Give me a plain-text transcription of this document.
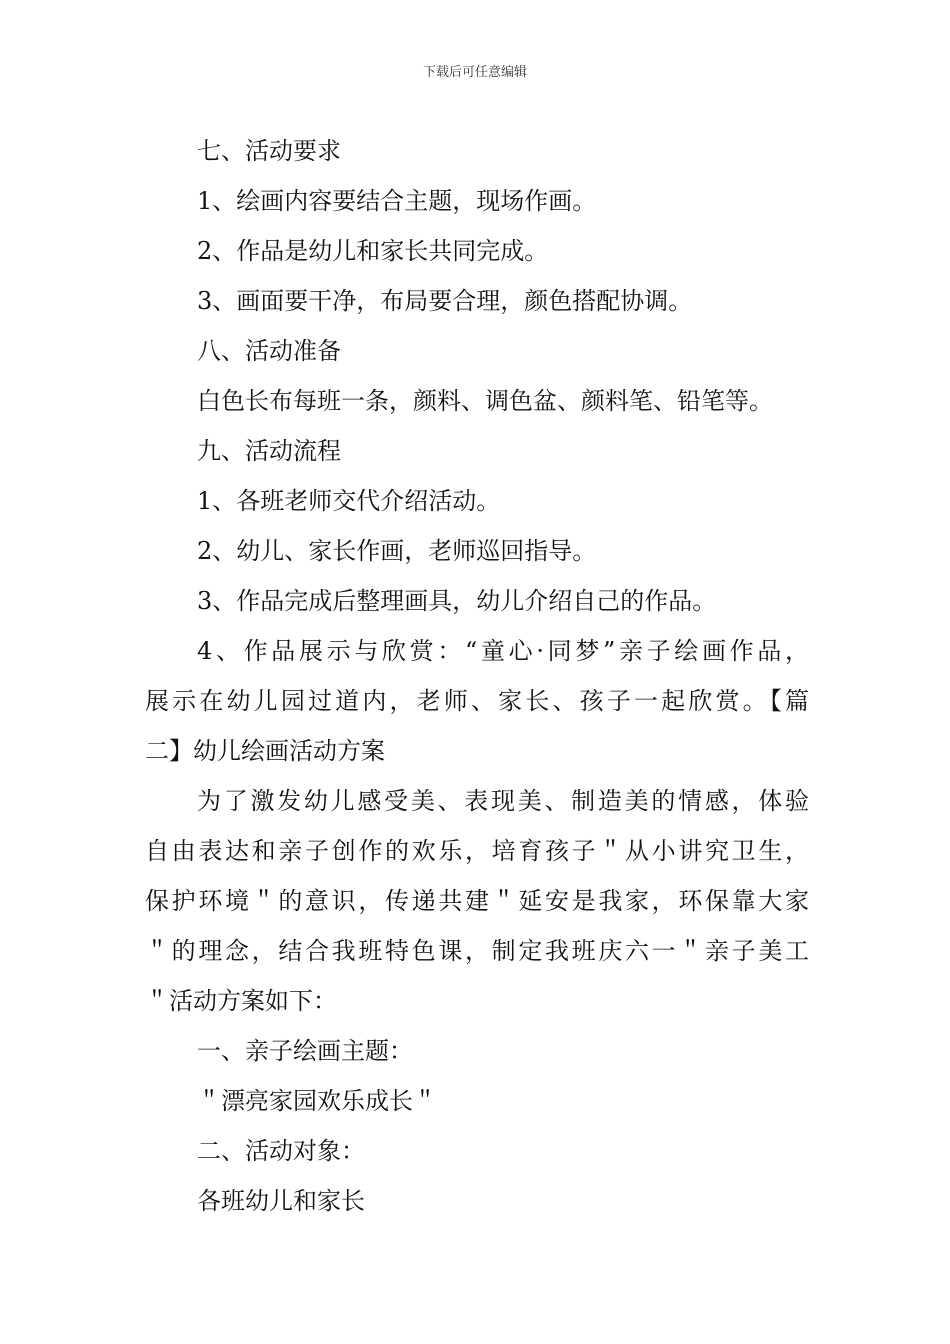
下载后可任意编辑
七、活动要求
1、绘画内容要结合主题，现场作画。
2、作品是幼儿和家长共同完成。
3、画面要干净，布局要合理，颜色搭配协调。
八、活动准备
白色长布每班一条，颜料、调色盆、颜料笔、铅笔等。
九、活动流程
1、各班老师交代介绍活动。
2、幼儿、家长作画，老师巡回指导。
3、作品完成后整理画具，幼儿介绍自己的作品。
4、作品展示与欣赏：“童心·同梦”亲子绘画作品，
展示在幼儿园过道内，老师、家长、孩子一起欣赏。【篇
二】幼儿绘画活动方案
为了激发幼儿感受美、表现美、制造美的情感，体验
自由表达和亲子创作的欢乐，培育孩子＂从小讲究卫生，
保护环境＂的意识，传递共建＂延安是我家，环保靠大家
＂的理念，结合我班特色课，制定我班庆六一＂亲子美工
＂活动方案如下：
一、亲子绘画主题：
＂漂亮家园欢乐成长＂
二、活动对象：
各班幼儿和家长
